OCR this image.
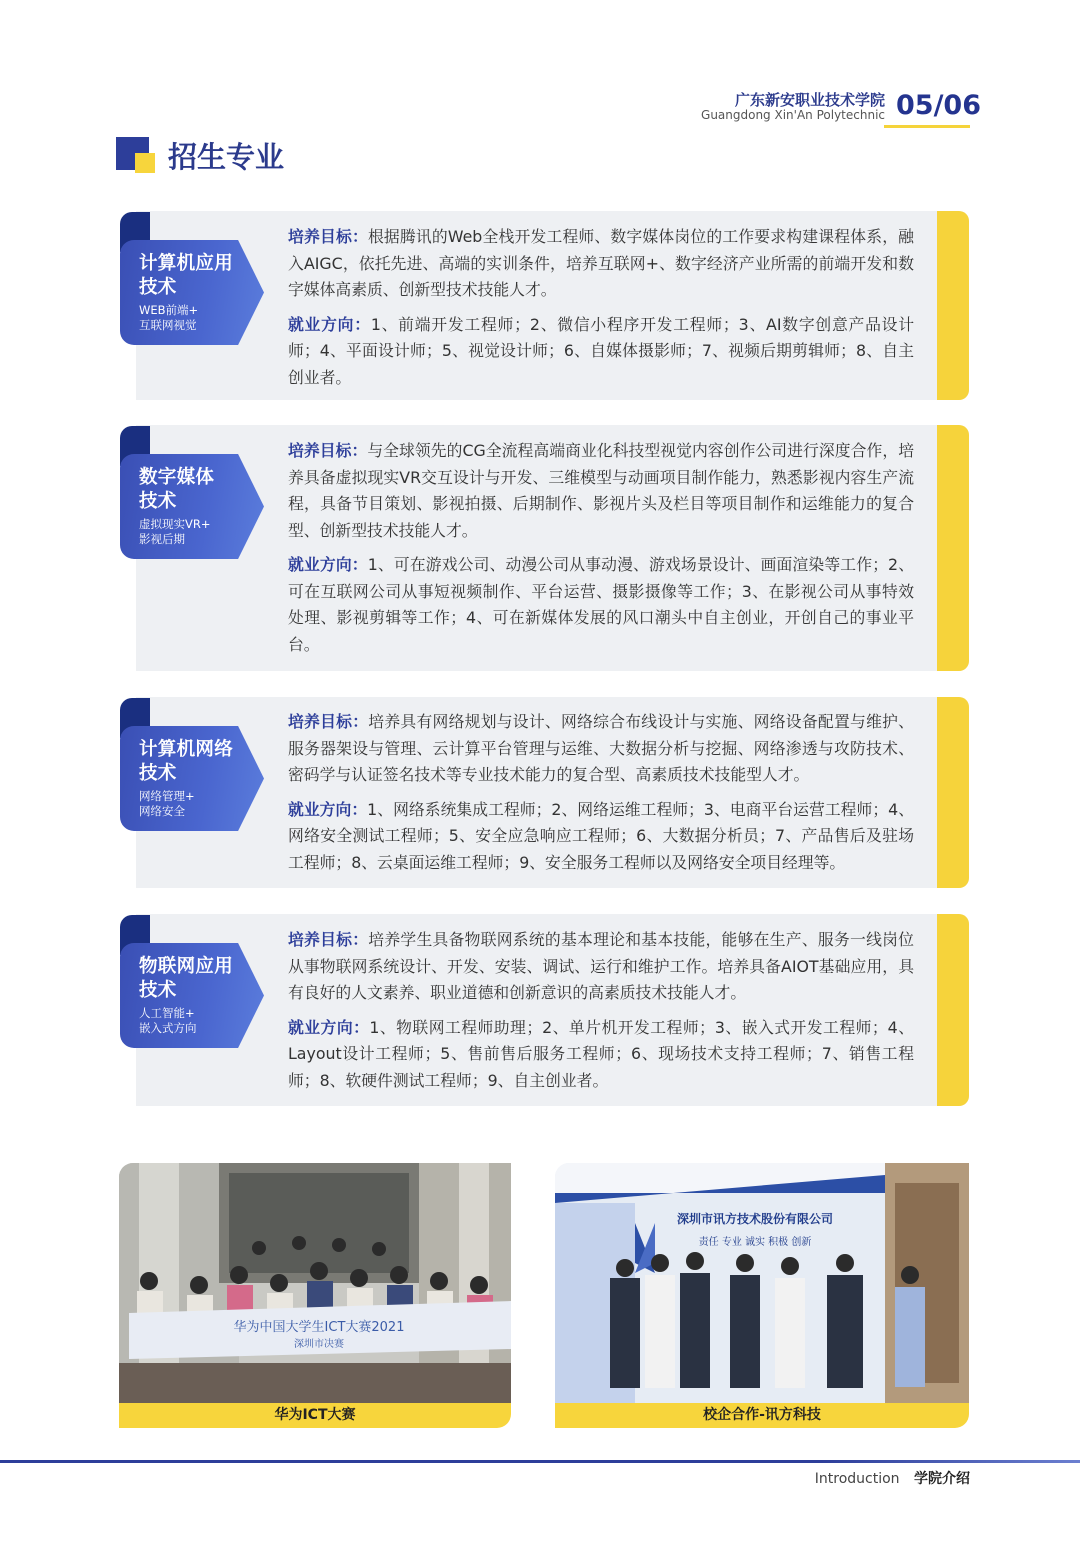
广东新安职业技术学院
Guangdong Xin'An Polytechnic 05/06
招生专业

培养目标：根据腾讯的Web全栈开发工程师、数字媒体岗位的工作要求构建课程体系，融入AIGC，依托先进、高端的实训条件，培养互联网+、数字经济产业所需的前端开发和数字媒体高素质、创新型技术技能人才。

就业方向：1、前端开发工程师；2、微信小程序开发工程师；3、AI数字创意产品设计师；4、平面设计师；5、视觉设计师；6、自媒体摄影师；7、视频后期剪辑师；8、自主创业者。

计算机应用
技术
WEB前端+
互联网视觉

培养目标：与全球领先的CG全流程高端商业化科技型视觉内容创作公司进行深度合作，培养具备虚拟现实VR交互设计与开发、三维模型与动画项目制作能力，熟悉影视内容生产流程，具备节目策划、影视拍摄、后期制作、影视片头及栏目等项目制作和运维能力的复合型、创新型技术技能人才。

就业方向：1、可在游戏公司、动漫公司从事动漫、游戏场景设计、画面渲染等工作；2、可在互联网公司从事短视频制作、平台运营、摄影摄像等工作；3、在影视公司从事特效处理、影视剪辑等工作；4、可在新媒体发展的风口潮头中自主创业，开创自己的事业平台。

数字媒体
技术
虚拟现实VR+
影视后期

培养目标：培养具有网络规划与设计、网络综合布线设计与实施、网络设备配置与维护、服务器架设与管理、云计算平台管理与运维、大数据分析与挖掘、网络渗透与攻防技术、密码学与认证签名技术等专业技术能力的复合型、高素质技术技能型人才。

就业方向：1、网络系统集成工程师；2、网络运维工程师；3、电商平台运营工程师；4、网络安全测试工程师；5、安全应急响应工程师；6、大数据分析员；7、产品售后及驻场工程师；8、云桌面运维工程师；9、安全服务工程师以及网络安全项目经理等。

计算机网络
技术
网络管理+
网络安全

培养目标：培养学生具备物联网系统的基本理论和基本技能，能够在生产、服务一线岗位从事物联网系统设计、开发、安装、调试、运行和维护工作。培养具备AIOT基础应用，具有良好的人文素养、职业道德和创新意识的高素质技术技能人才。

就业方向：1、物联网工程师助理；2、单片机开发工程师；3、嵌入式开发工程师；4、Layout设计工程师；5、售前售后服务工程师；6、现场技术支持工程师；7、销售工程师；8、软硬件测试工程师；9、自主创业者。

物联网应用
技术
人工智能+
嵌入式方向
华为中国大学生ICT大赛2021
深圳市决赛
华为ICT大赛
深圳市讯方技术股份有限公司
责任 专业 诚实 积极 创新
校企合作-讯方科技
Introduction 学院介绍
